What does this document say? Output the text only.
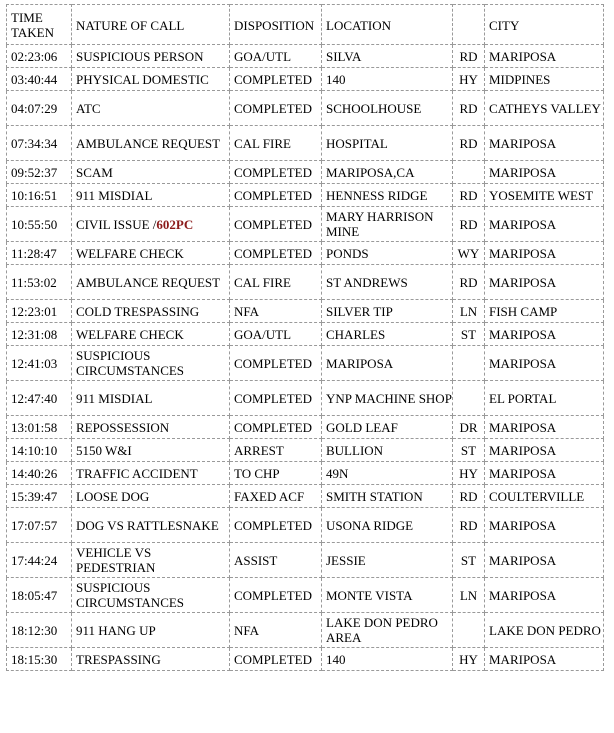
TIME TAKEN	NATURE OF CALL	DISPOSITION	LOCATION		CITY
02:23:06	SUSPICIOUS PERSON	GOA/UTL	SILVA	RD	MARIPOSA
03:40:44	PHYSICAL DOMESTIC	COMPLETED	140	HY	MIDPINES
04:07:29	ATC	COMPLETED	SCHOOLHOUSE	RD	CATHEYS VALLEY
07:34:34	AMBULANCE REQUEST	CAL FIRE	HOSPITAL	RD	MARIPOSA
09:52:37	SCAM	COMPLETED	MARIPOSA,CA		MARIPOSA
10:16:51	911 MISDIAL	COMPLETED	HENNESS RIDGE	RD	YOSEMITE WEST
10:55:50	CIVIL ISSUE /602PC	COMPLETED	MARY HARRISON MINE	RD	MARIPOSA
11:28:47	WELFARE CHECK	COMPLETED	PONDS	WY	MARIPOSA
11:53:02	AMBULANCE REQUEST	CAL FIRE	ST ANDREWS	RD	MARIPOSA
12:23:01	COLD TRESPASSING	NFA	SILVER TIP	LN	FISH CAMP
12:31:08	WELFARE CHECK	GOA/UTL	CHARLES	ST	MARIPOSA
12:41:03	SUSPICIOUS CIRCUMSTANCES	COMPLETED	MARIPOSA		MARIPOSA
12:47:40	911 MISDIAL	COMPLETED	YNP MACHINE SHOP		EL PORTAL
13:01:58	REPOSSESSION	COMPLETED	GOLD LEAF	DR	MARIPOSA
14:10:10	5150 W&I	ARREST	BULLION	ST	MARIPOSA
14:40:26	TRAFFIC ACCIDENT	TO CHP	49N	HY	MARIPOSA
15:39:47	LOOSE DOG	FAXED ACF	SMITH STATION	RD	COULTERVILLE
17:07:57	DOG VS RATTLESNAKE	COMPLETED	USONA RIDGE	RD	MARIPOSA
17:44:24	VEHICLE VS PEDESTRIAN	ASSIST	JESSIE	ST	MARIPOSA
18:05:47	SUSPICIOUS CIRCUMSTANCES	COMPLETED	MONTE VISTA	LN	MARIPOSA
18:12:30	911 HANG UP	NFA	LAKE DON PEDRO AREA		LAKE DON PEDRO
18:15:30	TRESPASSING	COMPLETED	140	HY	MARIPOSA
